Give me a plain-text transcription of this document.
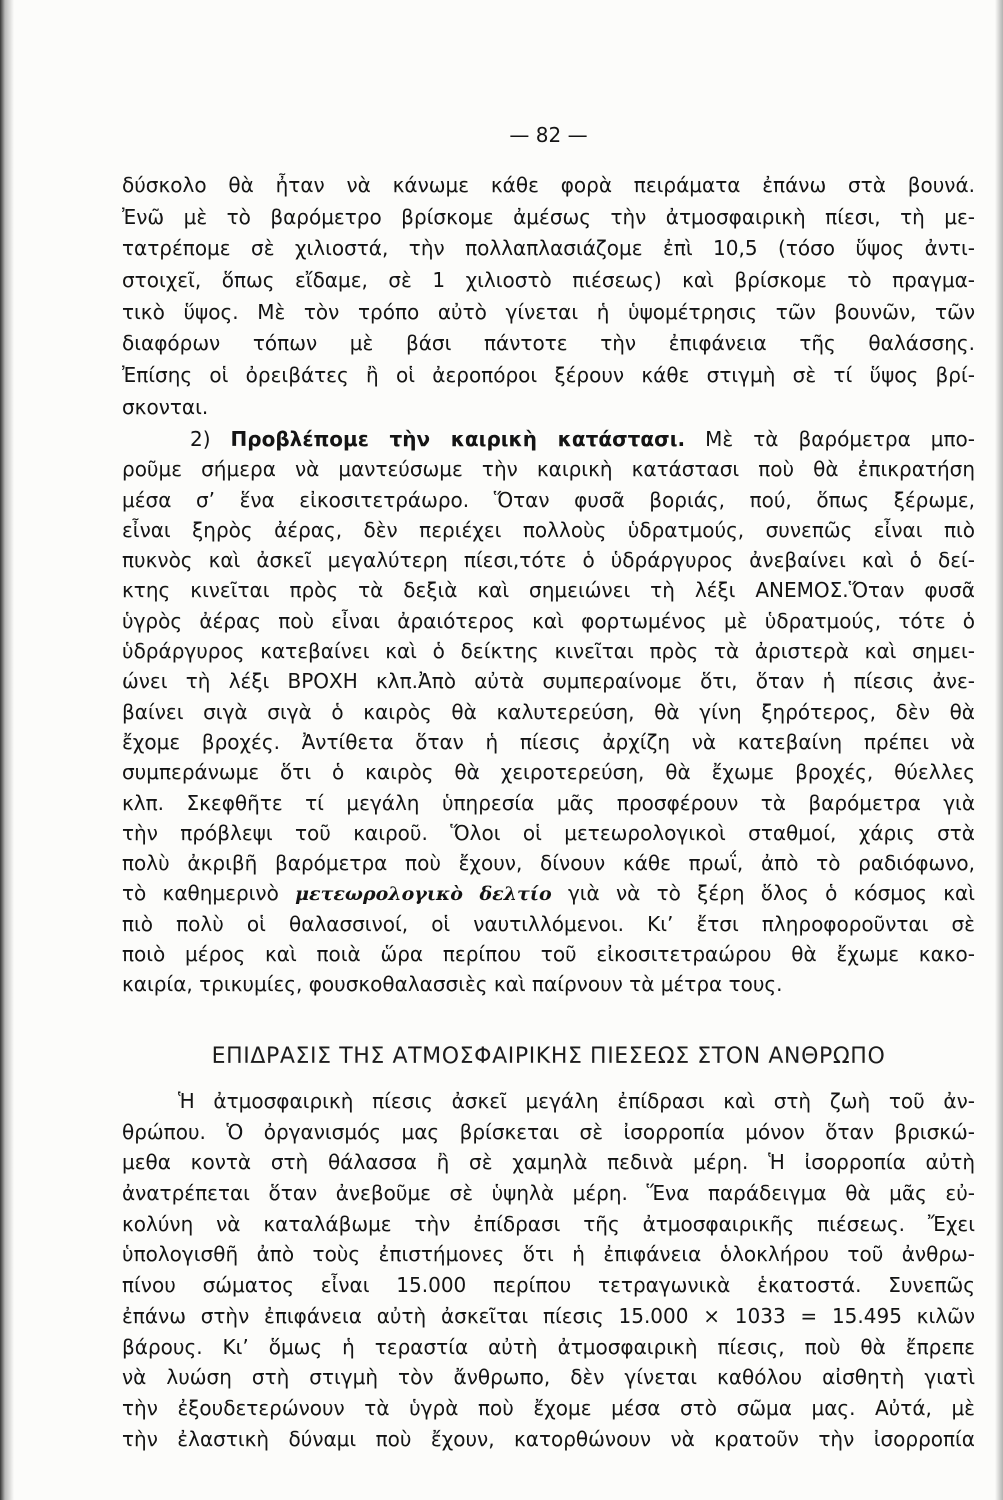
— 82 —
δύσκολο θὰ ἦταν νὰ κάνωμε κάθε φορὰ πειράματα ἐπάνω στὰ βουνά.
Ἐνῶ μὲ τὸ βαρόμετρο βρίσκομε ἀμέσως τὴν ἀτμοσφαιρικὴ πίεσι, τὴ με-
τατρέπομε σὲ χιλιοστά, τὴν πολλαπλασιάζομε ἐπὶ 10,5 (τόσο ὕψος ἀντι-
στοιχεῖ, ὅπως εἴδαμε, σὲ 1 χιλιοστὸ πιέσεως) καὶ βρίσκομε τὸ πραγμα-
τικὸ ὕψος. Μὲ τὸν τρόπο αὐτὸ γίνεται ἡ ὑψομέτρησις τῶν βουνῶν, τῶν
διαφόρων τόπων μὲ βάσι πάντοτε τὴν ἐπιφάνεια τῆς θαλάσσης.
Ἐπίσης οἱ ὀρειβάτες ἢ οἱ ἀεροπόροι ξέρουν κάθε στιγμὴ σὲ τί ὕψος βρί-
σκονται.
2) Προβλέπομε τὴν καιρικὴ κατάστασι. Μὲ τὰ βαρόμετρα μπο-
ροῦμε σήμερα νὰ μαντεύσωμε τὴν καιρικὴ κατάστασι ποὺ θὰ ἐπικρατήση
μέσα σ’ ἕνα εἰκοσιτετράωρο. Ὅταν φυσᾶ βοριάς, πού, ὅπως ξέρωμε,
εἶναι ξηρὸς ἀέρας, δὲν περιέχει πολλοὺς ὑδρατμούς, συνεπῶς εἶναι πιὸ
πυκνὸς καὶ ἀσκεῖ μεγαλύτερη πίεσι,τότε ὁ ὑδράργυρος ἀνεβαίνει καὶ ὁ δεί-
κτης κινεῖται πρὸς τὰ δεξιὰ καὶ σημειώνει τὴ λέξι ΑΝΕΜΟΣ.Ὅταν φυσᾶ
ὑγρὸς ἀέρας ποὺ εἶναι ἀραιότερος καὶ φορτωμένος μὲ ὑδρατμούς, τότε ὁ
ὑδράργυρος κατεβαίνει καὶ ὁ δείκτης κινεῖται πρὸς τὰ ἀριστερὰ καὶ σημει-
ώνει τὴ λέξι ΒΡΟΧΗ κλπ.Ἀπὸ αὐτὰ συμπεραίνομε ὅτι, ὅταν ἡ πίεσις ἀνε-
βαίνει σιγὰ σιγὰ ὁ καιρὸς θὰ καλυτερεύση, θὰ γίνη ξηρότερος, δὲν θὰ
ἔχομε βροχές. Ἀντίθετα ὅταν ἡ πίεσις ἀρχίζη νὰ κατεβαίνη πρέπει νὰ
συμπεράνωμε ὅτι ὁ καιρὸς θὰ χειροτερεύση, θὰ ἔχωμε βροχές, θύελλες
κλπ. Σκεφθῆτε τί μεγάλη ὑπηρεσία μᾶς προσφέρουν τὰ βαρόμετρα γιὰ
τὴν πρόβλεψι τοῦ καιροῦ. Ὅλοι οἱ μετεωρολογικοὶ σταθμοί, χάρις στὰ
πολὺ ἀκριβῆ βαρόμετρα ποὺ ἔχουν, δίνουν κάθε πρωΐ, ἀπὸ τὸ ραδιόφωνο,
τὸ καθημερινὸ μετεωρολογικὸ δελτίο γιὰ νὰ τὸ ξέρη ὅλος ὁ κόσμος καὶ
πιὸ πολὺ οἱ θαλασσινοί, οἱ ναυτιλλόμενοι. Κι’ ἔτσι πληροφοροῦνται σὲ
ποιὸ μέρος καὶ ποιὰ ὥρα περίπου τοῦ εἰκοσιτετραώρου θὰ ἔχωμε κακο-
καιρία, τρικυμίες, φουσκοθαλασσιὲς καὶ παίρνουν τὰ μέτρα τους.
ΕΠΙΔΡΑΣΙΣ ΤΗΣ ΑΤΜΟΣΦΑΙΡΙΚΗΣ ΠΙΕΣΕΩΣ ΣΤΟΝ ΑΝΘΡΩΠΟ
Ἡ ἀτμοσφαιρικὴ πίεσις ἀσκεῖ μεγάλη ἐπίδρασι καὶ στὴ ζωὴ τοῦ ἀν-
θρώπου. Ὁ ὀργανισμός μας βρίσκεται σὲ ἰσορροπία μόνον ὅταν βρισκώ-
μεθα κοντὰ στὴ θάλασσα ἢ σὲ χαμηλὰ πεδινὰ μέρη. Ἡ ἰσορροπία αὐτὴ
ἀνατρέπεται ὅταν ἀνεβοῦμε σὲ ὑψηλὰ μέρη. Ἕνα παράδειγμα θὰ μᾶς εὐ-
κολύνη νὰ καταλάβωμε τὴν ἐπίδρασι τῆς ἀτμοσφαιρικῆς πιέσεως. Ἔχει
ὑπολογισθῆ ἀπὸ τοὺς ἐπιστήμονες ὅτι ἡ ἐπιφάνεια ὁλοκλήρου τοῦ ἀνθρω-
πίνου σώματος εἶναι 15.000 περίπου τετραγωνικὰ ἑκατοστά. Συνεπῶς
ἐπάνω στὴν ἐπιφάνεια αὐτὴ ἀσκεῖται πίεσις 15.000 × 1033 = 15.495 κιλῶν
βάρους. Κι’ ὅμως ἡ τεραστία αὐτὴ ἀτμοσφαιρικὴ πίεσις, ποὺ θὰ ἔπρεπε
νὰ λυώση στὴ στιγμὴ τὸν ἄνθρωπο, δὲν γίνεται καθόλου αἰσθητὴ γιατὶ
τὴν ἐξουδετερώνουν τὰ ὑγρὰ ποὺ ἔχομε μέσα στὸ σῶμα μας. Αὐτά, μὲ
τὴν ἐλαστικὴ δύναμι ποὺ ἔχουν, κατορθώνουν νὰ κρατοῦν τὴν ἰσορροπία
